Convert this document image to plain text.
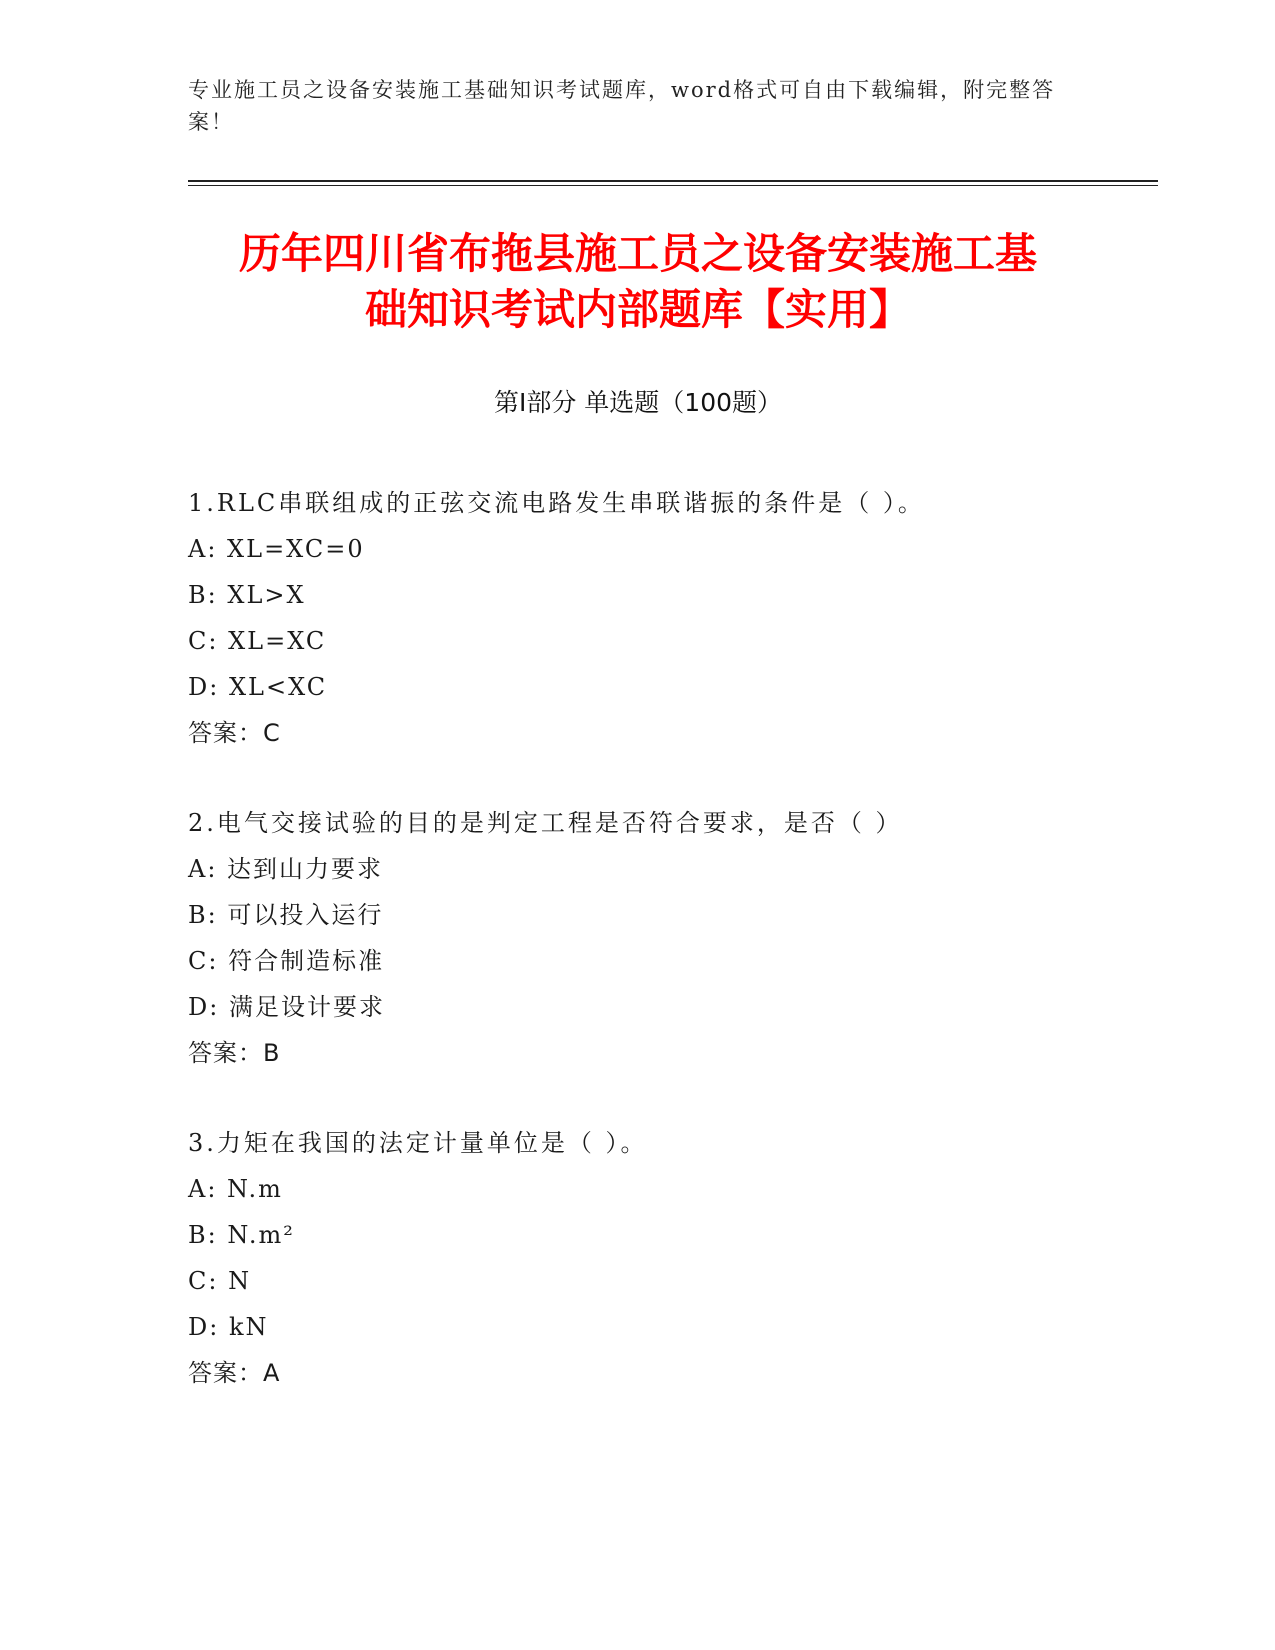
专业施工员之设备安装施工基础知识考试题库，word格式可自由下载编辑，附完整答案！
历年四川省布拖县施工员之设备安装施工基
础知识考试内部题库【实用】
第I部分 单选题（100题）
1.RLC串联组成的正弦交流电路发生串联谐振的条件是（ ）。
A: XL=XC=0
B: XL>X
C: XL=XC
D: XL<XC
答案：C
2.电气交接试验的目的是判定工程是否符合要求，是否（ ）
A: 达到山力要求
B: 可以投入运行
C: 符合制造标准
D: 满足设计要求
答案：B
3.力矩在我国的法定计量单位是（ ）。
A: N.m
B: N.m²
C: N
D: kN
答案：A
